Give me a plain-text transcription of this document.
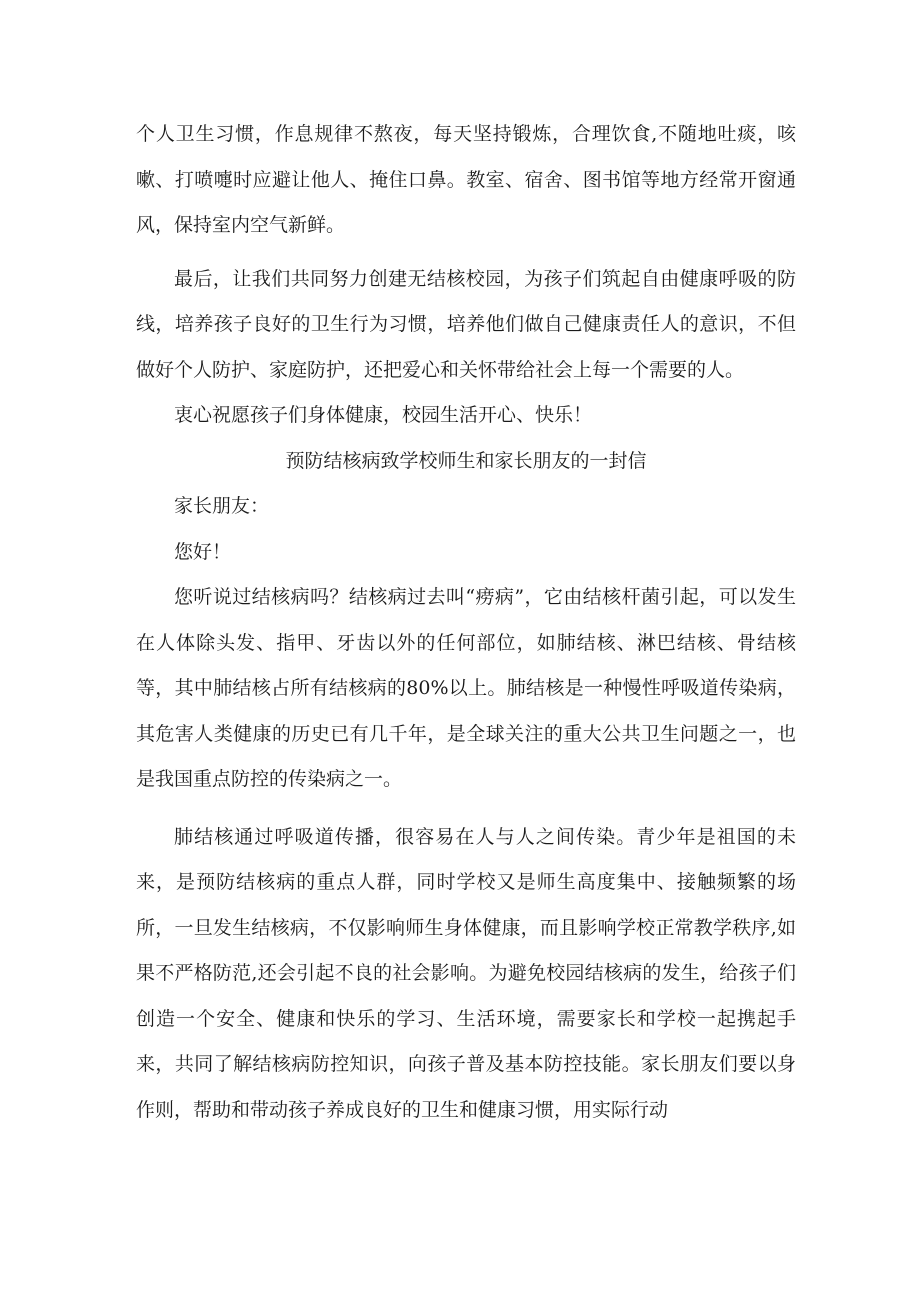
个人卫生习惯，作息规律不熬夜，每天坚持锻炼，合理饮食,不随地吐痰，咳嗽、打喷嚏时应避让他人、掩住口鼻。教室、宿舍、图书馆等地方经常开窗通风，保持室内空气新鲜。

最后，让我们共同努力创建无结核校园，为孩子们筑起自由健康呼吸的防线，培养孩子良好的卫生行为习惯，培养他们做自己健康责任人的意识，不但做好个人防护、家庭防护，还把爱心和关怀带给社会上每一个需要的人。

衷心祝愿孩子们身体健康，校园生活开心、快乐！

预防结核病致学校师生和家长朋友的一封信

家长朋友：

您好！

您听说过结核病吗？结核病过去叫“痨病”，它由结核杆菌引起，可以发生在人体除头发、指甲、牙齿以外的任何部位，如肺结核、淋巴结核、骨结核等，其中肺结核占所有结核病的80%以上。肺结核是一种慢性呼吸道传染病，其危害人类健康的历史已有几千年，是全球关注的重大公共卫生问题之一，也是我国重点防控的传染病之一。

肺结核通过呼吸道传播，很容易在人与人之间传染。青少年是祖国的未来，是预防结核病的重点人群，同时学校又是师生高度集中、接触频繁的场所，一旦发生结核病，不仅影响师生身体健康，而且影响学校正常教学秩序,如果不严格防范,还会引起不良的社会影响。为避免校园结核病的发生，给孩子们创造一个安全、健康和快乐的学习、生活环境，需要家长和学校一起携起手来，共同了解结核病防控知识，向孩子普及基本防控技能。家长朋友们要以身作则，帮助和带动孩子养成良好的卫生和健康习惯，用实际行动
